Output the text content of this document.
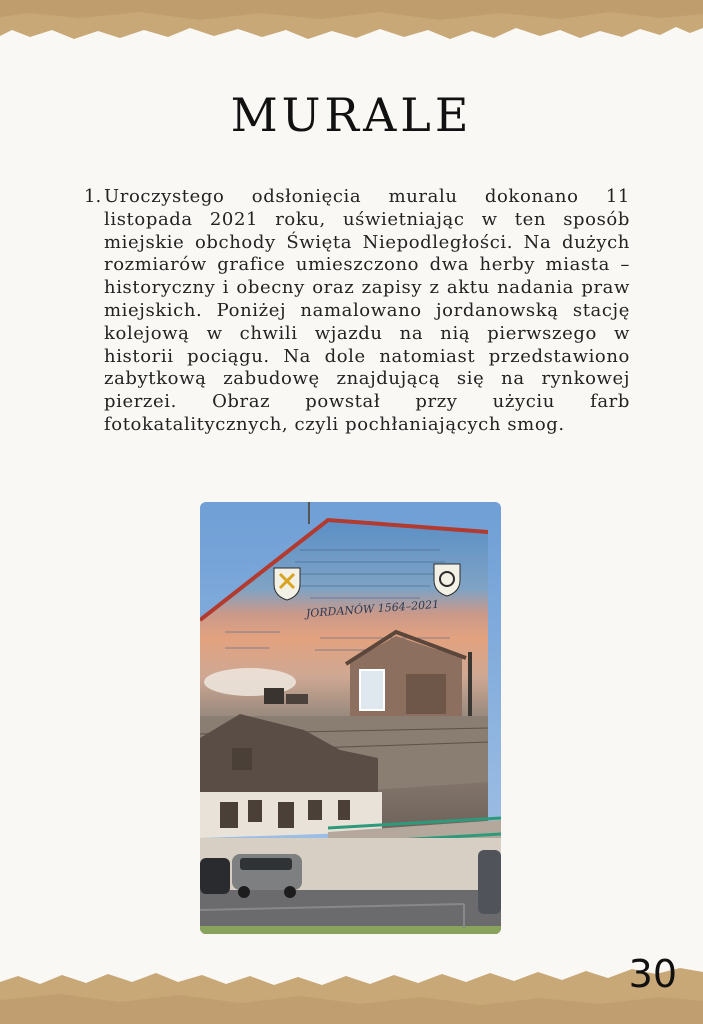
MURALE
1. Uroczystego odsłonięcia muralu dokonano 11 listopada 2021 roku, uświetniając w ten sposób miejskie obchody Święta Niepodległości. Na dużych rozmiarów grafice umieszczono dwa herby miasta – historyczny i obecny oraz zapisy z aktu nadania praw miejskich. Poniżej namalowano jordanowską stację kolejową w chwili wjazdu na nią pierwszego w historii pociągu. Na dole natomiast przedstawiono zabytkową zabudowę znajdującą się na rynkowej pierzei. Obraz powstał przy użyciu farb fotokatalitycznych, czyli pochłaniających smog.
JORDANÓW 1564–2021
30
